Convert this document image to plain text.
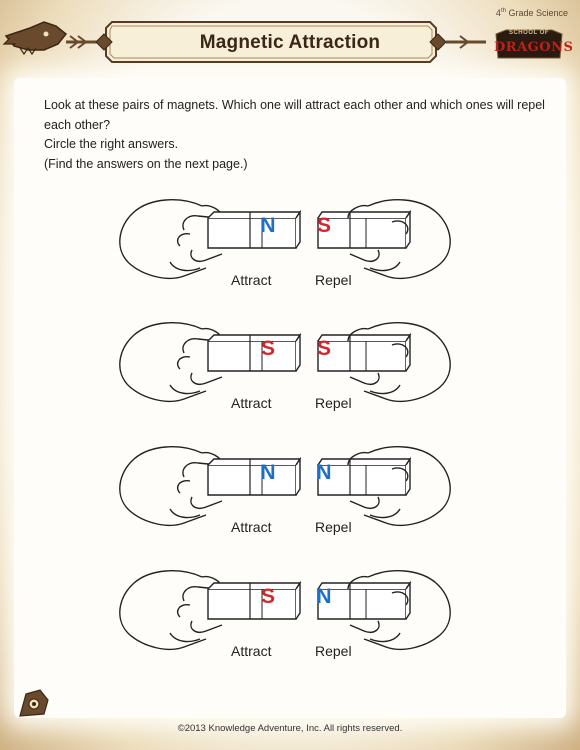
4th Grade Science
Magnetic Attraction	SCHOOL OF
DRAGONS

Look at these pairs of magnets. Which one will attract each other and which ones will repel each other?

Circle the right answers.

(Find the answers on the next page.)

N S
Attract	Repel
S S
Attract	Repel
N N
Attract	Repel
S N
Attract	Repel
©2013 Knowledge Adventure, Inc. All rights reserved.
